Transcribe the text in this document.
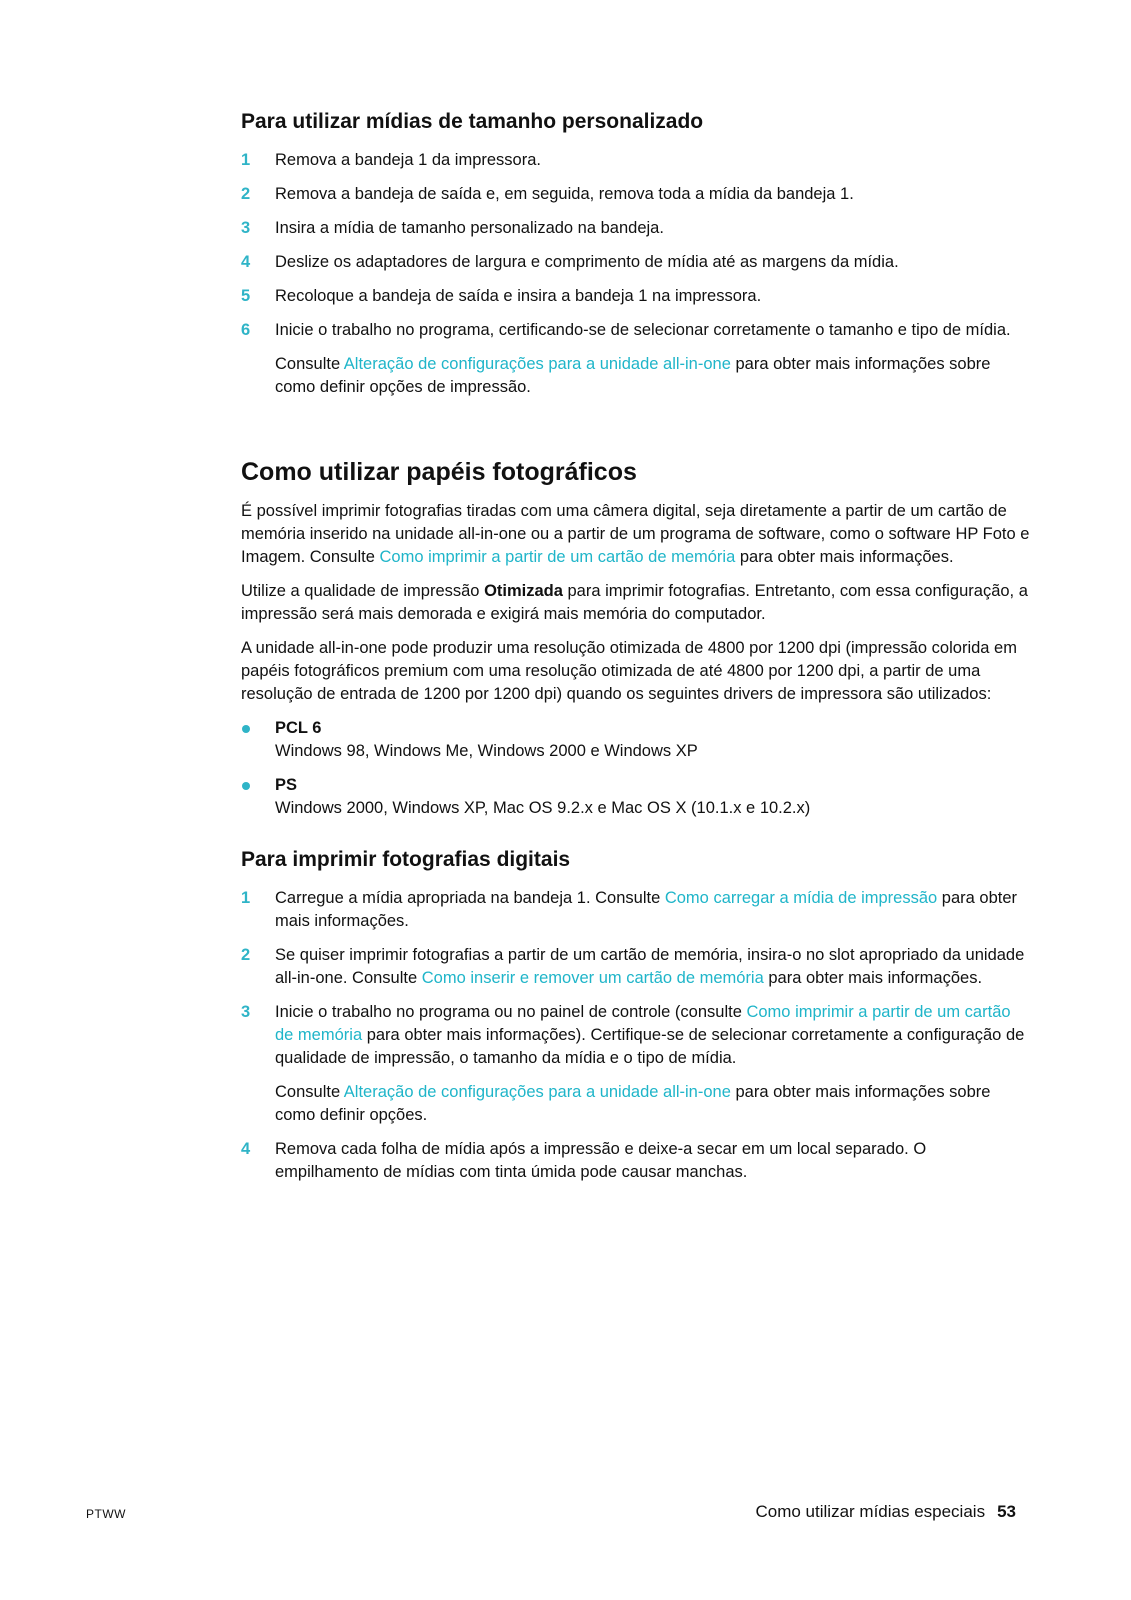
Para utilizar mídias de tamanho personalizado
1 Remova a bandeja 1 da impressora.
2 Remova a bandeja de saída e, em seguida, remova toda a mídia da bandeja 1.
3 Insira a mídia de tamanho personalizado na bandeja.
4 Deslize os adaptadores de largura e comprimento de mídia até as margens da mídia.
5 Recoloque a bandeja de saída e insira a bandeja 1 na impressora.
6 Inicie o trabalho no programa, certificando-se de selecionar corretamente o tamanho e tipo de mídia.
Consulte Alteração de configurações para a unidade all-in-one para obter mais informações sobre como definir opções de impressão.
Como utilizar papéis fotográficos

É possível imprimir fotografias tiradas com uma câmera digital, seja diretamente a partir de um cartão de memória inserido na unidade all-in-one ou a partir de um programa de software, como o software HP Foto e Imagem. Consulte Como imprimir a partir de um cartão de memória para obter mais informações.

Utilize a qualidade de impressão Otimizada para imprimir fotografias. Entretanto, com essa configuração, a impressão será mais demorada e exigirá mais memória do computador.

A unidade all-in-one pode produzir uma resolução otimizada de 4800 por 1200 dpi (impressão colorida em papéis fotográficos premium com uma resolução otimizada de até 4800 por 1200 dpi, a partir de uma resolução de entrada de 1200 por 1200 dpi) quando os seguintes drivers de impressora são utilizados:

PCL 6
Windows 98, Windows Me, Windows 2000 e Windows XP
PS
Windows 2000, Windows XP, Mac OS 9.2.x e Mac OS X (10.1.x e 10.2.x)
Para imprimir fotografias digitais
1 Carregue a mídia apropriada na bandeja 1. Consulte Como carregar a mídia de impressão para obter mais informações.
2 Se quiser imprimir fotografias a partir de um cartão de memória, insira-o no slot apropriado da unidade all-in-one. Consulte Como inserir e remover um cartão de memória para obter mais informações.
3 Inicie o trabalho no programa ou no painel de controle (consulte Como imprimir a partir de um cartão de memória para obter mais informações). Certifique-se de selecionar corretamente a configuração de qualidade de impressão, o tamanho da mídia e o tipo de mídia.
Consulte Alteração de configurações para a unidade all-in-one para obter mais informações sobre como definir opções.
4 Remova cada folha de mídia após a impressão e deixe-a secar em um local separado. O empilhamento de mídias com tinta úmida pode causar manchas.
PTWW	Como utilizar mídias especiais 53
